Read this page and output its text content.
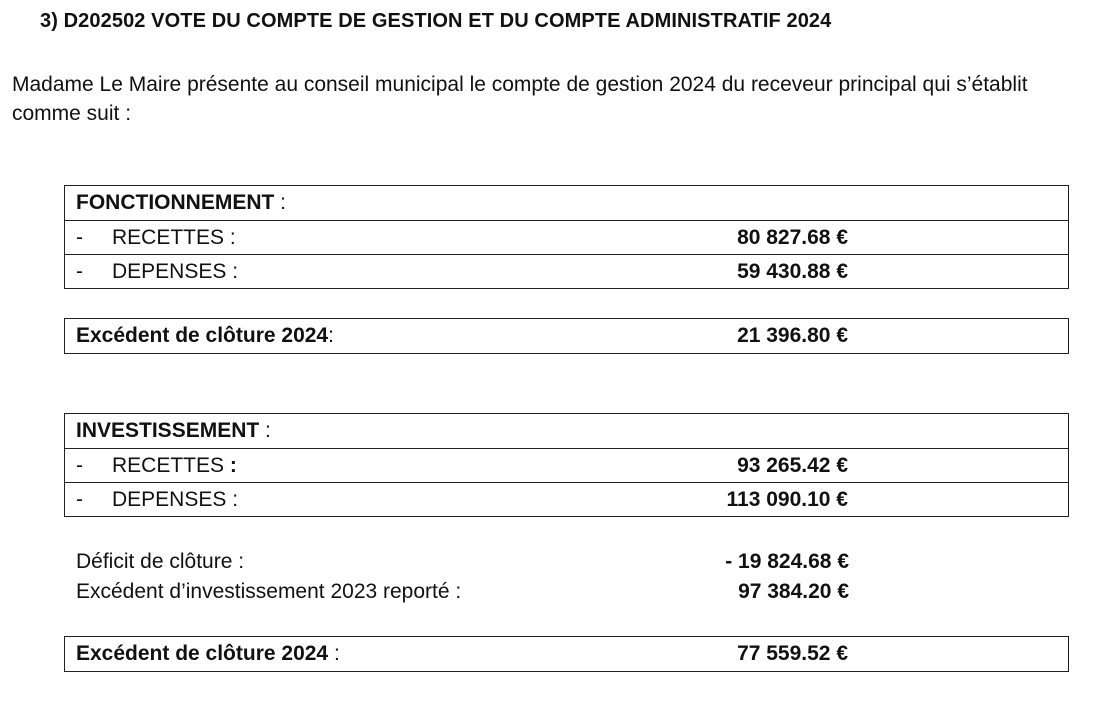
3) D202502 VOTE DU COMPTE DE GESTION ET DU COMPTE ADMINISTRATIF 2024
Madame Le Maire présente au conseil municipal le compte de gestion 2024 du receveur principal qui s’établit comme suit :
FONCTIONNEMENT :
- RECETTES :	80 827.68 €
- DEPENSES :	59 430.88 €
Excédent de clôture 2024:	21 396.80 €
INVESTISSEMENT :
- RECETTES :	93 265.42 €
- DEPENSES :	113 090.10 €
Déficit de clôture :	- 19 824.68 €
Excédent d’investissement 2023 reporté :	97 384.20 €
Excédent de clôture 2024 :	77 559.52 €
